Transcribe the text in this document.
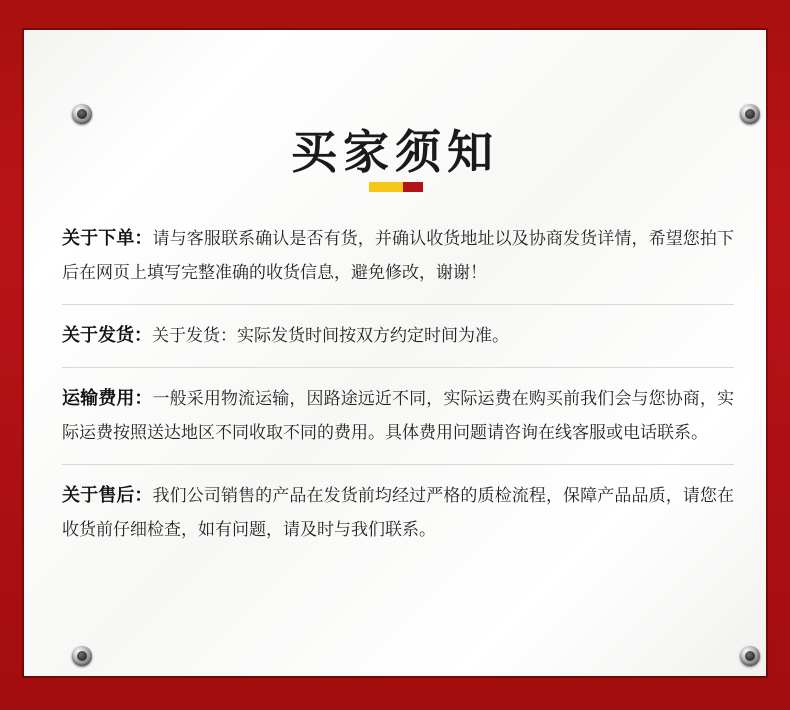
买家须知

关于下单：请与客服联系确认是否有货，并确认收货地址以及协商发货详情，希望您拍下后在网页上填写完整准确的收货信息，避免修改，谢谢！

关于发货：关于发货：实际发货时间按双方约定时间为准。

运输费用：一般采用物流运输，因路途远近不同，实际运费在购买前我们会与您协商，实际运费按照送达地区不同收取不同的费用。具体费用问题请咨询在线客服或电话联系。

关于售后：我们公司销售的产品在发货前均经过严格的质检流程，保障产品品质，请您在收货前仔细检查，如有问题，请及时与我们联系。
